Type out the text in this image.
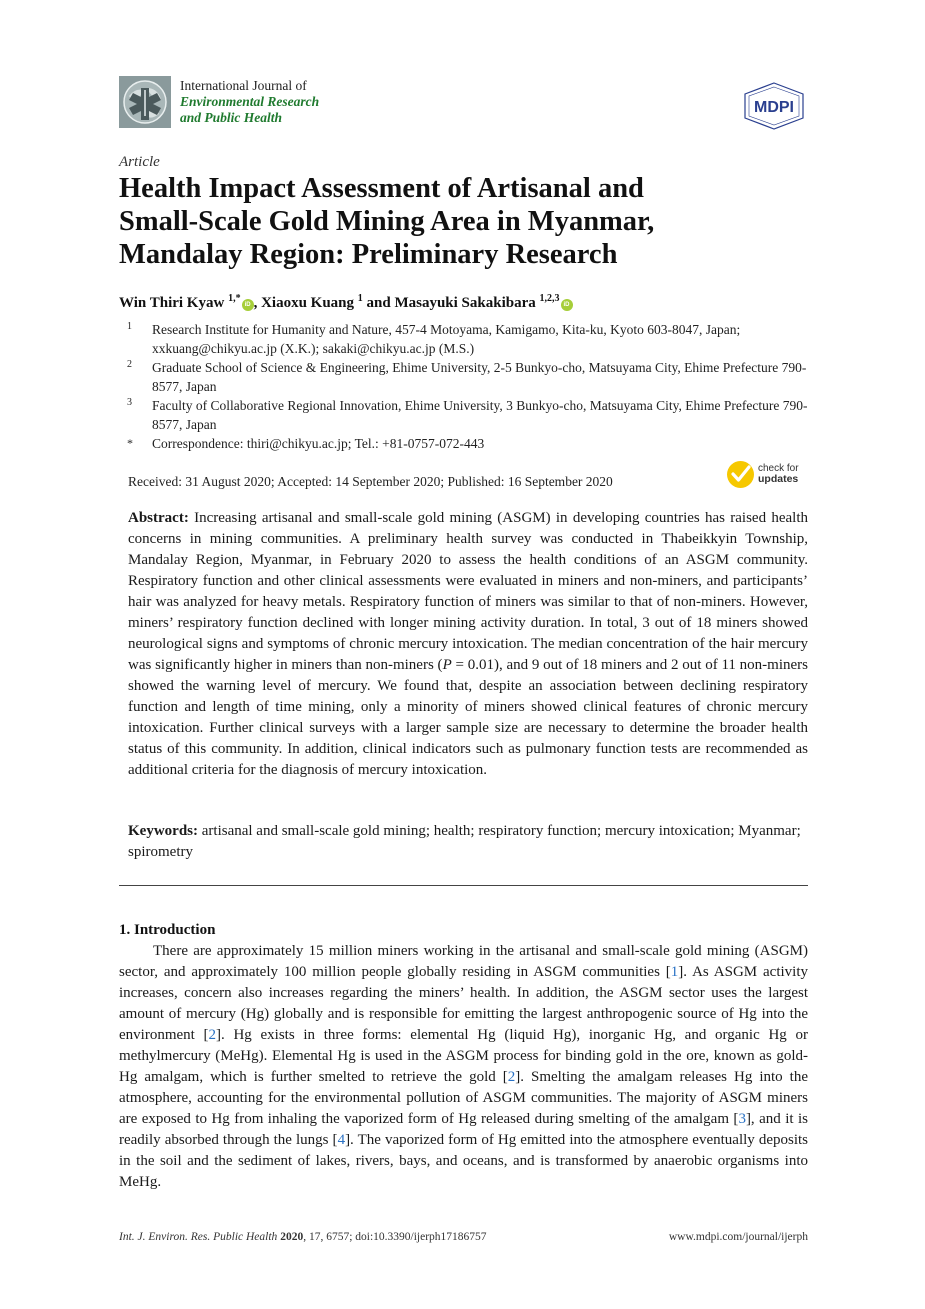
International Journal of
Environmental Research
and Public Health
MDPI
Article
Health Impact Assessment of Artisanal and
Small-Scale Gold Mining Area in Myanmar,
Mandalay Region: Preliminary Research
Win Thiri Kyaw $^{1,*}$iD , Xiaoxu Kuang $^1$ and Masayuki Sakakibara $^{1,2,3}$iD
1 Research Institute for Humanity and Nature, 457-4 Motoyama, Kamigamo, Kita-ku, Kyoto 603-8047, Japan; xxkuang@chikyu.ac.jp (X.K.); sakaki@chikyu.ac.jp (M.S.)
2 Graduate School of Science & Engineering, Ehime University, 2-5 Bunkyo-cho, Matsuyama City, Ehime Prefecture 790-8577, Japan
3 Faculty of Collaborative Regional Innovation, Ehime University, 3 Bunkyo-cho, Matsuyama City, Ehime Prefecture 790-8577, Japan
* Correspondence: thiri@chikyu.ac.jp; Tel.: +81-0757-072-443
Received: 31 August 2020; Accepted: 14 September 2020; Published: 16 September 2020
check for
updates
Abstract: Increasing artisanal and small-scale gold mining (ASGM) in developing countries has raised health concerns in mining communities. A preliminary health survey was conducted in Thabeikkyin Township, Mandalay Region, Myanmar, in February 2020 to assess the health conditions of an ASGM community. Respiratory function and other clinical assessments were evaluated in miners and non-miners, and participants’ hair was analyzed for heavy metals. Respiratory function of miners was similar to that of non-miners. However, miners’ respiratory function declined with longer mining activity duration. In total, 3 out of 18 miners showed neurological signs and symptoms of chronic mercury intoxication. The median concentration of the hair mercury was significantly higher in miners than non-miners (P = 0.01), and 9 out of 18 miners and 2 out of 11 non-miners showed the warning level of mercury. We found that, despite an association between declining respiratory function and length of time mining, only a minority of miners showed clinical features of chronic mercury intoxication. Further clinical surveys with a larger sample size are necessary to determine the broader health status of this community. In addition, clinical indicators such as pulmonary function tests are recommended as additional criteria for the diagnosis of mercury intoxication.
Keywords: artisanal and small-scale gold mining; health; respiratory function; mercury intoxication; Myanmar; spirometry
1. Introduction
There are approximately 15 million miners working in the artisanal and small-scale gold mining (ASGM) sector, and approximately 100 million people globally residing in ASGM communities [1]. As ASGM activity increases, concern also increases regarding the miners’ health. In addition, the ASGM sector uses the largest amount of mercury (Hg) globally and is responsible for emitting the largest anthropogenic source of Hg into the environment [2]. Hg exists in three forms: elemental Hg (liquid Hg), inorganic Hg, and organic Hg or methylmercury (MeHg). Elemental Hg is used in the ASGM process for binding gold in the ore, known as gold-Hg amalgam, which is further smelted to retrieve the gold [2]. Smelting the amalgam releases Hg into the atmosphere, accounting for the environmental pollution of ASGM communities. The majority of ASGM miners are exposed to Hg from inhaling the vaporized form of Hg released during smelting of the amalgam [3], and it is readily absorbed through the lungs [4]. The vaporized form of Hg emitted into the atmosphere eventually deposits in the soil and the sediment of lakes, rivers, bays, and oceans, and is transformed by anaerobic organisms into MeHg.
Int. J. Environ. Res. Public Health 2020, 17, 6757; doi:10.3390/ijerph17186757	www.mdpi.com/journal/ijerph
